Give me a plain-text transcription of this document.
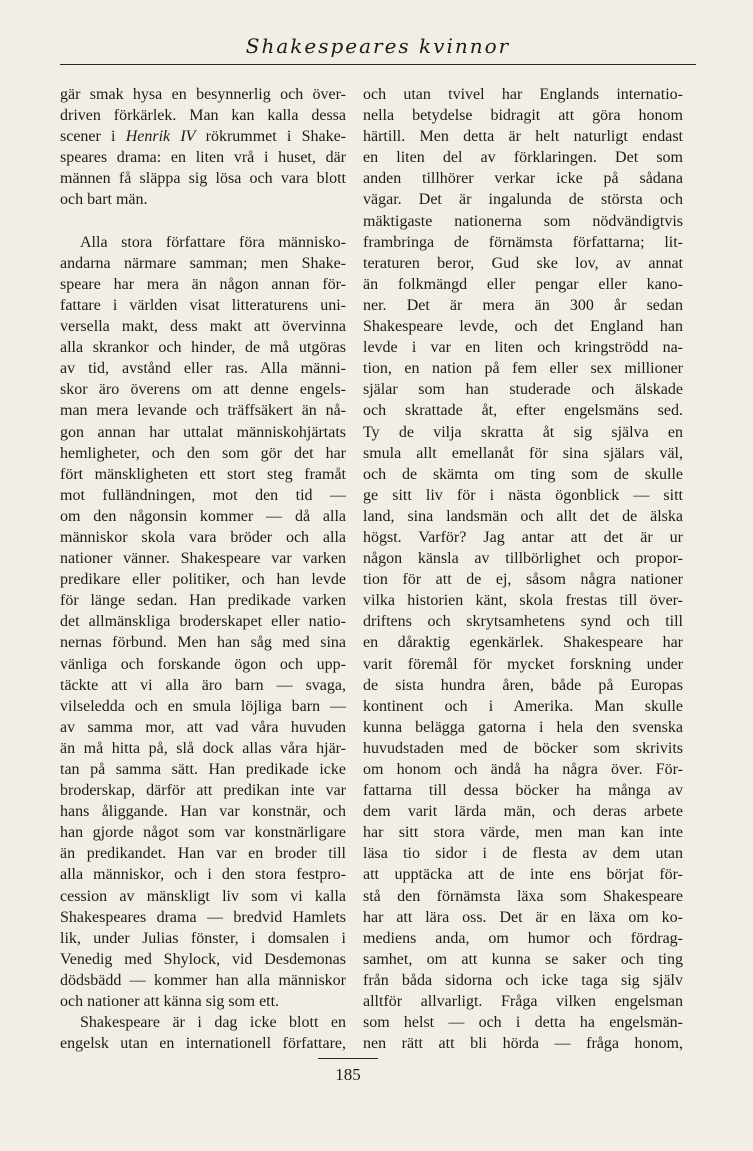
Shakespeares kvinnor

gär smak hysa en besynnerlig och över-
driven förkärlek. Man kan kalla dessa
scener i Henrik IV rökrummet i Shake-
speares drama: en liten vrå i huset, där
männen få släppa sig lösa och vara blott
och bart män.

Alla stora författare föra människo-
andarna närmare samman; men Shake-
speare har mera än någon annan för-
fattare i världen visat litteraturens uni-
versella makt, dess makt att övervinna
alla skrankor och hinder, de må utgöras
av tid, avstånd eller ras. Alla männi-
skor äro överens om att denne engels-
man mera levande och träffsäkert än nå-
gon annan har uttalat människohjärtats
hemligheter, och den som gör det har
fört mänskligheten ett stort steg framåt
mot fulländningen, mot den tid —
om den någonsin kommer — då alla
människor skola vara bröder och alla
nationer vänner. Shakespeare var varken
predikare eller politiker, och han levde
för länge sedan. Han predikade varken
det allmänskliga broderskapet eller natio-
nernas förbund. Men han såg med sina
vänliga och forskande ögon och upp-
täckte att vi alla äro barn — svaga,
vilseledda och en smula löjliga barn —
av samma mor, att vad våra huvuden
än må hitta på, slå dock allas våra hjär-
tan på samma sätt. Han predikade icke
broderskap, därför att predikan inte var
hans åliggande. Han var konstnär, och
han gjorde något som var konstnärligare
än predikandet. Han var en broder till
alla människor, och i den stora festpro-
cession av mänskligt liv som vi kalla
Shakespeares drama — bredvid Hamlets
lik, under Julias fönster, i domsalen i
Venedig med Shylock, vid Desdemonas
dödsbädd — kommer han alla människor
och nationer att känna sig som ett.

Shakespeare är i dag icke blott en
engelsk utan en internationell författare,

och utan tvivel har Englands internatio-
nella betydelse bidragit att göra honom
härtill. Men detta är helt naturligt endast
en liten del av förklaringen. Det som
anden tillhörer verkar icke på sådana
vägar. Det är ingalunda de största och
mäktigaste nationerna som nödvändigtvis
frambringa de förnämsta författarna; lit-
teraturen beror, Gud ske lov, av annat
än folkmängd eller pengar eller kano-
ner. Det är mera än 300 år sedan
Shakespeare levde, och det England han
levde i var en liten och kringströdd na-
tion, en nation på fem eller sex millioner
själar som han studerade och älskade
och skrattade åt, efter engelsmäns sed.
Ty de vilja skratta åt sig själva en
smula allt emellanåt för sina själars väl,
och de skämta om ting som de skulle
ge sitt liv för i nästa ögonblick — sitt
land, sina landsmän och allt det de älska
högst. Varför? Jag antar att det är ur
någon känsla av tillbörlighet och propor-
tion för att de ej, såsom några nationer
vilka historien känt, skola frestas till över-
driftens och skrytsamhetens synd och till
en dåraktig egenkärlek. Shakespeare har
varit föremål för mycket forskning under
de sista hundra åren, både på Europas
kontinent och i Amerika. Man skulle
kunna belägga gatorna i hela den svenska
huvudstaden med de böcker som skrivits
om honom och ändå ha några över. För-
fattarna till dessa böcker ha många av
dem varit lärda män, och deras arbete
har sitt stora värde, men man kan inte
läsa tio sidor i de flesta av dem utan
att upptäcka att de inte ens börjat för-
stå den förnämsta läxa som Shakespeare
har att lära oss. Det är en läxa om ko-
mediens anda, om humor och fördrag-
samhet, om att kunna se saker och ting
från båda sidorna och icke taga sig själv
alltför allvarligt. Fråga vilken engelsman
som helst — och i detta ha engelsmän-
nen rätt att bli hörda — fråga honom,

185
